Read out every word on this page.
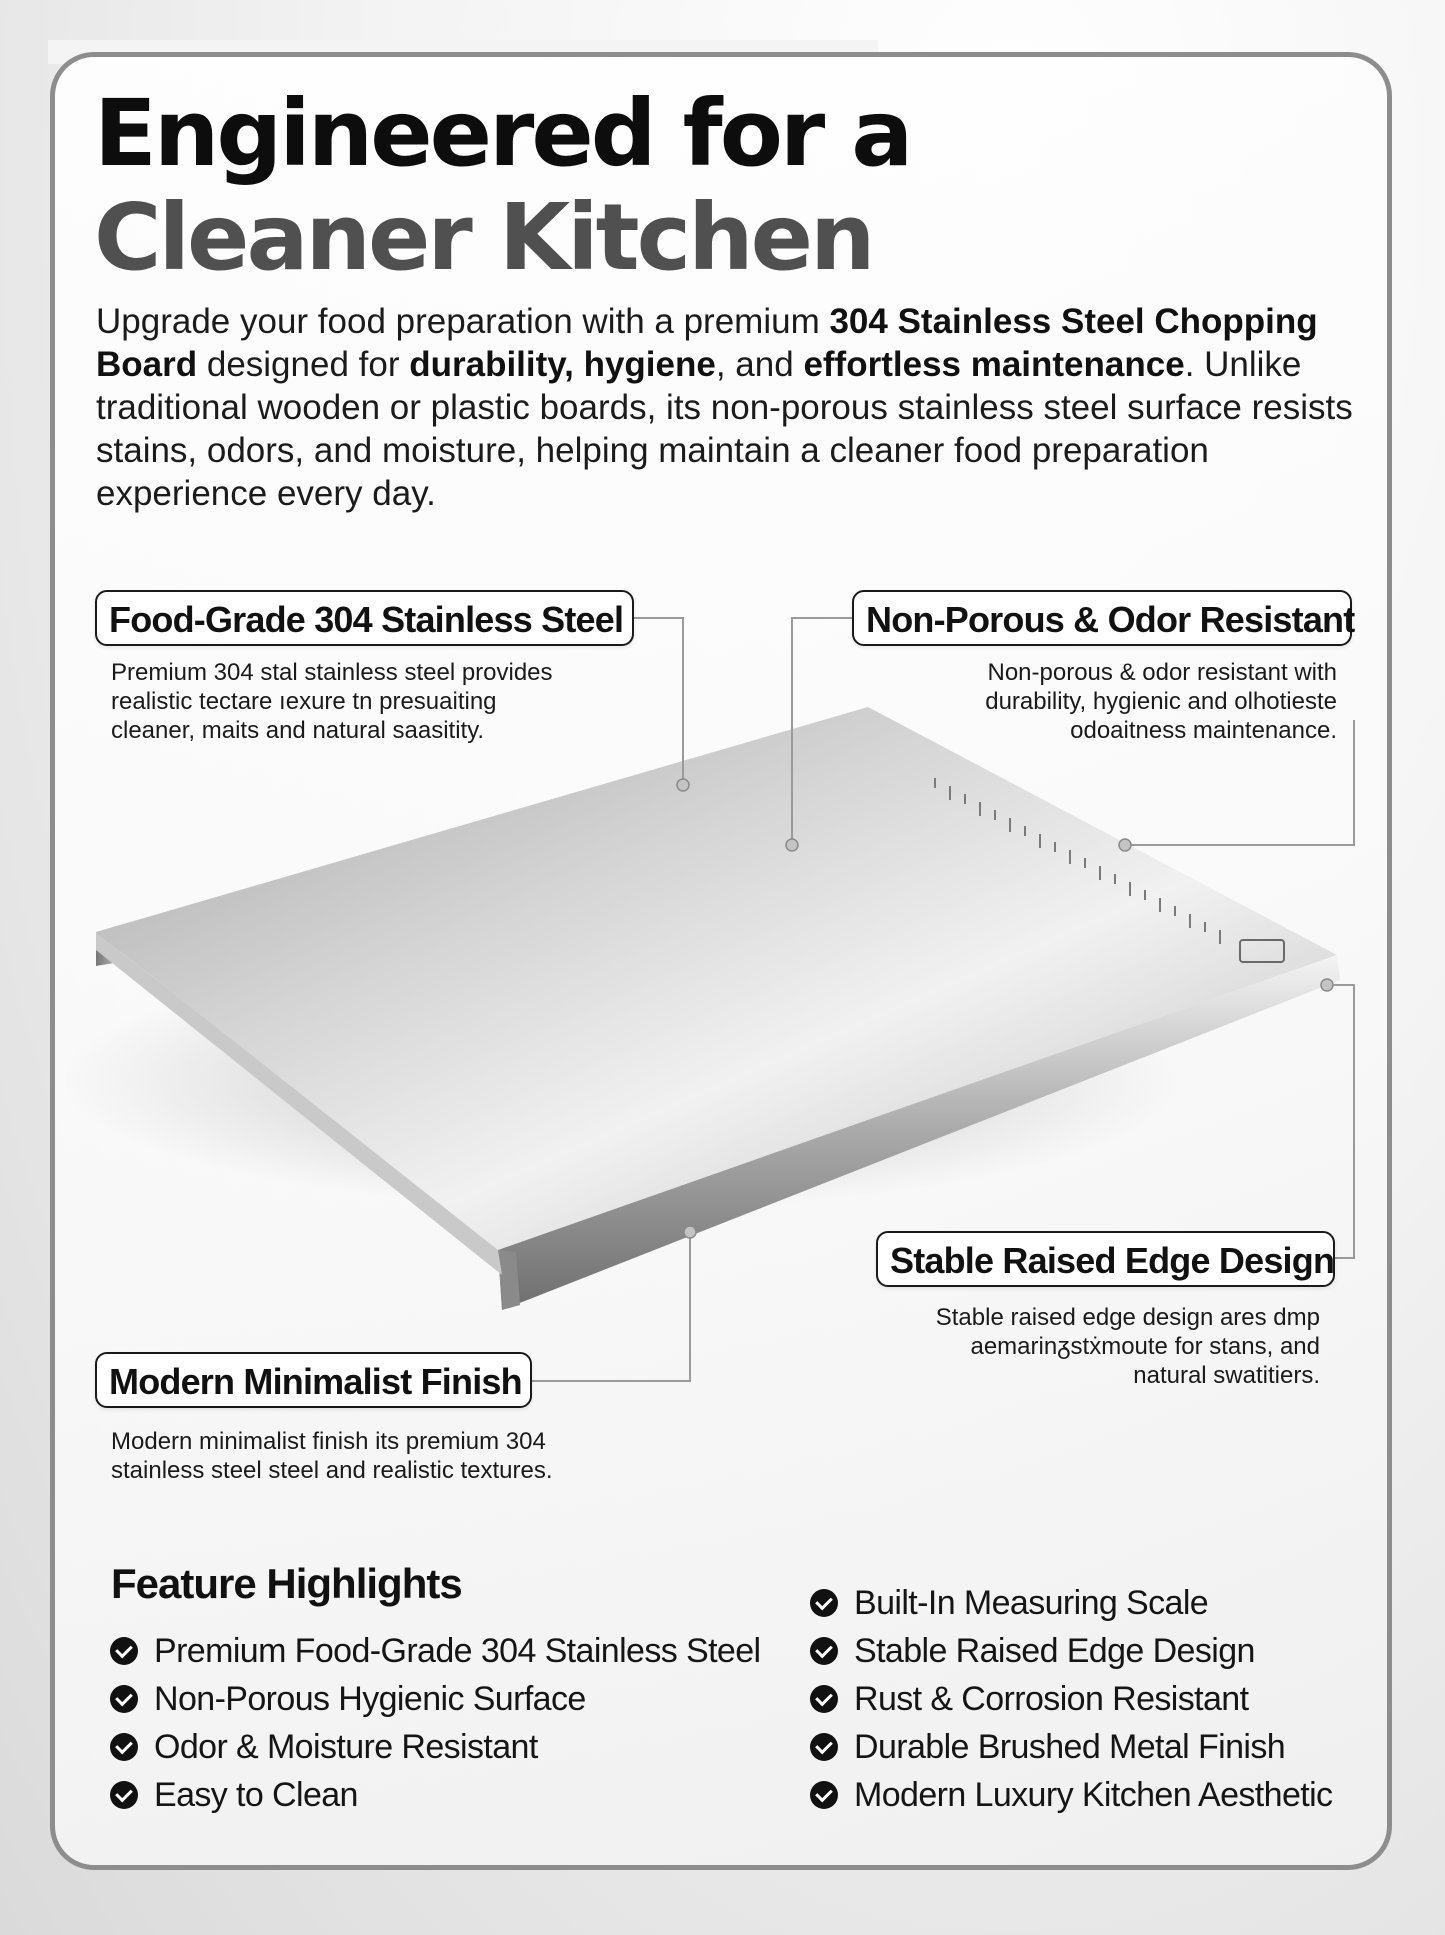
Engineered for a
Cleaner Kitchen

Upgrade your food preparation with a premium 304 Stainless Steel Chopping Board designed for durability, hygiene, and effortless maintenance. Unlike traditional wooden or plastic boards, its non-porous stainless steel surface resists stains, odors, and moisture, helping maintain a cleaner food preparation experience every day.

Food-Grade 304 Stainless Steel

Premium 304 stal stainless steel provides
realistic tectare ıexure tn presuaiting
cleaner, maits and natural saasitity.

Non-Porous & Odor Resistant

Non-porous & odor resistant with
durability, hygienic and olhotieste
odoaitness maintenance.

Stable Raised Edge Design

Stable raised edge design ares dmp
aemarinᵹstẋmoute for stans, and
natural swatitiers.

Modern Minimalist Finish

Modern minimalist finish its premium 304
stainless steel steel and realistic textures.

Feature Highlights
Premium Food-Grade 304 Stainless Steel
Non-Porous Hygienic Surface
Odor & Moisture Resistant
Easy to Clean
Built-In Measuring Scale
Stable Raised Edge Design
Rust & Corrosion Resistant
Durable Brushed Metal Finish
Modern Luxury Kitchen Aesthetic
